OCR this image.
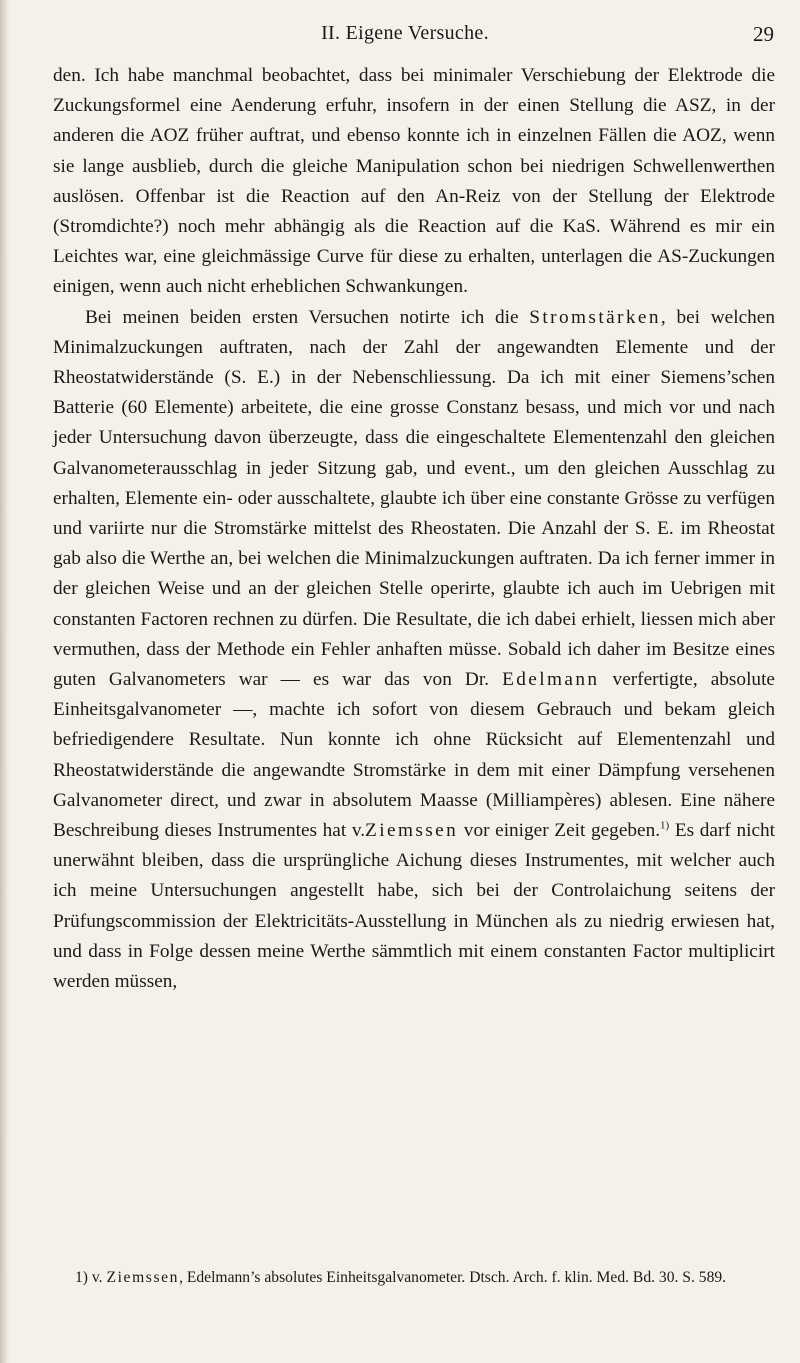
II. Eigene Versuche.	29

den. Ich habe manchmal beobachtet, dass bei minimaler Verschiebung der Elektrode die Zuckungsformel eine Aenderung erfuhr, insofern in der einen Stellung die ASZ, in der anderen die AOZ früher auftrat, und ebenso konnte ich in einzelnen Fällen die AOZ, wenn sie lange ausblieb, durch die gleiche Manipulation schon bei niedrigen Schwellenwerthen auslösen. Offenbar ist die Reaction auf den An-Reiz von der Stellung der Elektrode (Stromdichte?) noch mehr abhängig als die Reaction auf die KaS. Während es mir ein Leichtes war, eine gleichmässige Curve für diese zu erhalten, unterlagen die AS-Zuckungen einigen, wenn auch nicht erheblichen Schwankungen.

Bei meinen beiden ersten Versuchen notirte ich die Stromstärken, bei welchen Minimalzuckungen auftraten, nach der Zahl der angewandten Elemente und der Rheostatwiderstände (S. E.) in der Nebenschliessung. Da ich mit einer Siemens’schen Batterie (60 Elemente) arbeitete, die eine grosse Constanz besass, und mich vor und nach jeder Untersuchung davon überzeugte, dass die eingeschaltete Elementenzahl den gleichen Galvanometerausschlag in jeder Sitzung gab, und event., um den gleichen Ausschlag zu erhalten, Elemente ein- oder ausschaltete, glaubte ich über eine constante Grösse zu verfügen und variirte nur die Stromstärke mittelst des Rheostaten. Die Anzahl der S. E. im Rheostat gab also die Werthe an, bei welchen die Minimalzuckungen auftraten. Da ich ferner immer in der gleichen Weise und an der gleichen Stelle operirte, glaubte ich auch im Uebrigen mit constanten Factoren rechnen zu dürfen. Die Resultate, die ich dabei erhielt, liessen mich aber vermuthen, dass der Methode ein Fehler anhaften müsse. Sobald ich daher im Besitze eines guten Galvanometers war — es war das von Dr. Edelmann verfertigte, absolute Einheitsgalvanometer —, machte ich sofort von diesem Gebrauch und bekam gleich befriedigendere Resultate. Nun konnte ich ohne Rücksicht auf Elementenzahl und Rheostatwiderstände die angewandte Stromstärke in dem mit einer Dämpfung versehenen Galvanometer direct, und zwar in absolutem Maasse (Milliampères) ablesen. Eine nähere Beschreibung dieses Instrumentes hat v.Ziemssen vor einiger Zeit gegeben.$^{1)}$ Es darf nicht unerwähnt bleiben, dass die ursprüngliche Aichung dieses Instrumentes, mit welcher auch ich meine Untersuchungen angestellt habe, sich bei der Controlaichung seitens der Prüfungscommission der Elektricitäts-Ausstellung in München als zu niedrig erwiesen hat, und dass in Folge dessen meine Werthe sämmtlich mit einem constanten Factor multiplicirt werden müssen,

1) v. Ziemssen, Edelmann’s absolutes Einheitsgalvanometer. Dtsch. Arch. f. klin. Med. Bd. 30. S. 589.
